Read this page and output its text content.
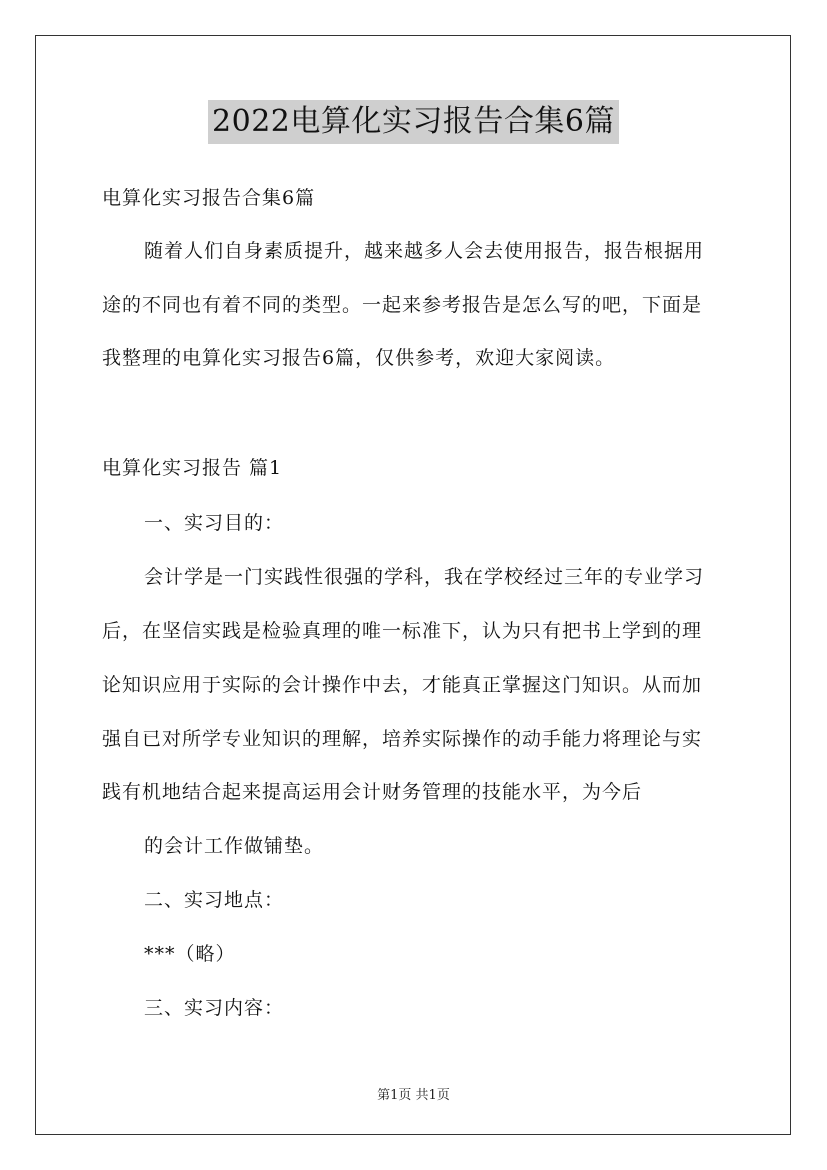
2022电算化实习报告合集6篇
电算化实习报告合集6篇
随着人们自身素质提升，越来越多人会去使用报告，报告根据用
途的不同也有着不同的类型。一起来参考报告是怎么写的吧，下面是
我整理的电算化实习报告6篇，仅供参考，欢迎大家阅读。
电算化实习报告 篇1
一、实习目的：
会计学是一门实践性很强的学科，我在学校经过三年的专业学习
后，在坚信实践是检验真理的唯一标准下，认为只有把书上学到的理
论知识应用于实际的会计操作中去，才能真正掌握这门知识。从而加
强自已对所学专业知识的理解，培养实际操作的动手能力将理论与实
践有机地结合起来提高运用会计财务管理的技能水平，为今后
的会计工作做铺垫。
二、实习地点：
***（略）
三、实习内容：
第1页 共1页
